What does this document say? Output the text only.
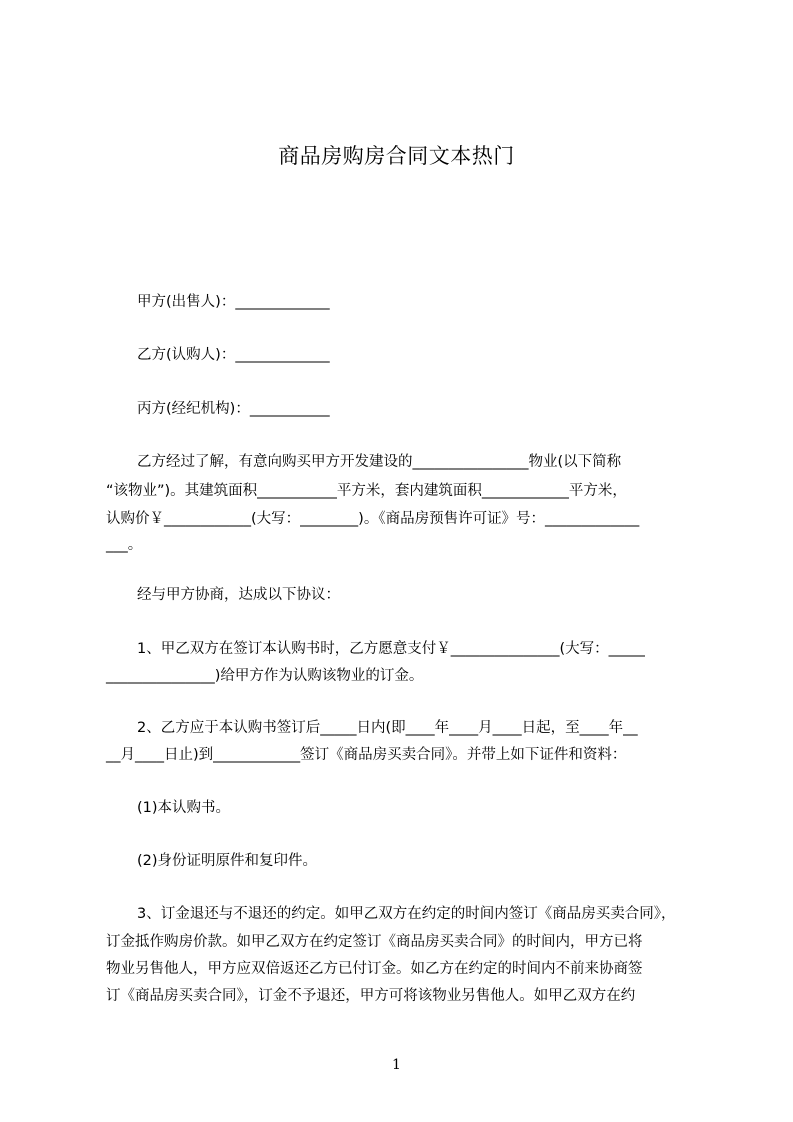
商品房购房合同文本热门
甲方(出售人)：_____________
乙方(认购人)：_____________
丙方(经纪机构)：___________
乙方经过了解，有意向购买甲方开发建设的________________物业(以下简称
“该物业”)。其建筑面积___________平方米，套内建筑面积____________平方米，
认购价￥____________(大写：________)。《商品房预售许可证》号：_____________
___。
经与甲方协商，达成以下协议：
1、甲乙双方在签订本认购书时，乙方愿意支付￥_______________(大写：_____
_______________)给甲方作为认购该物业的订金。
2、乙方应于本认购书签订后_____日内(即____年____月____日起，至____年__
__月____日止)到____________签订《商品房买卖合同》。并带上如下证件和资料：
(1)本认购书。
(2)身份证明原件和复印件。
3、订金退还与不退还的约定。如甲乙双方在约定的时间内签订《商品房买卖合同》，
订金抵作购房价款。如甲乙双方在约定签订《商品房买卖合同》的时间内，甲方已将
物业另售他人，甲方应双倍返还乙方已付订金。如乙方在约定的时间内不前来协商签
订《商品房买卖合同》，订金不予退还，甲方可将该物业另售他人。如甲乙双方在约
1
